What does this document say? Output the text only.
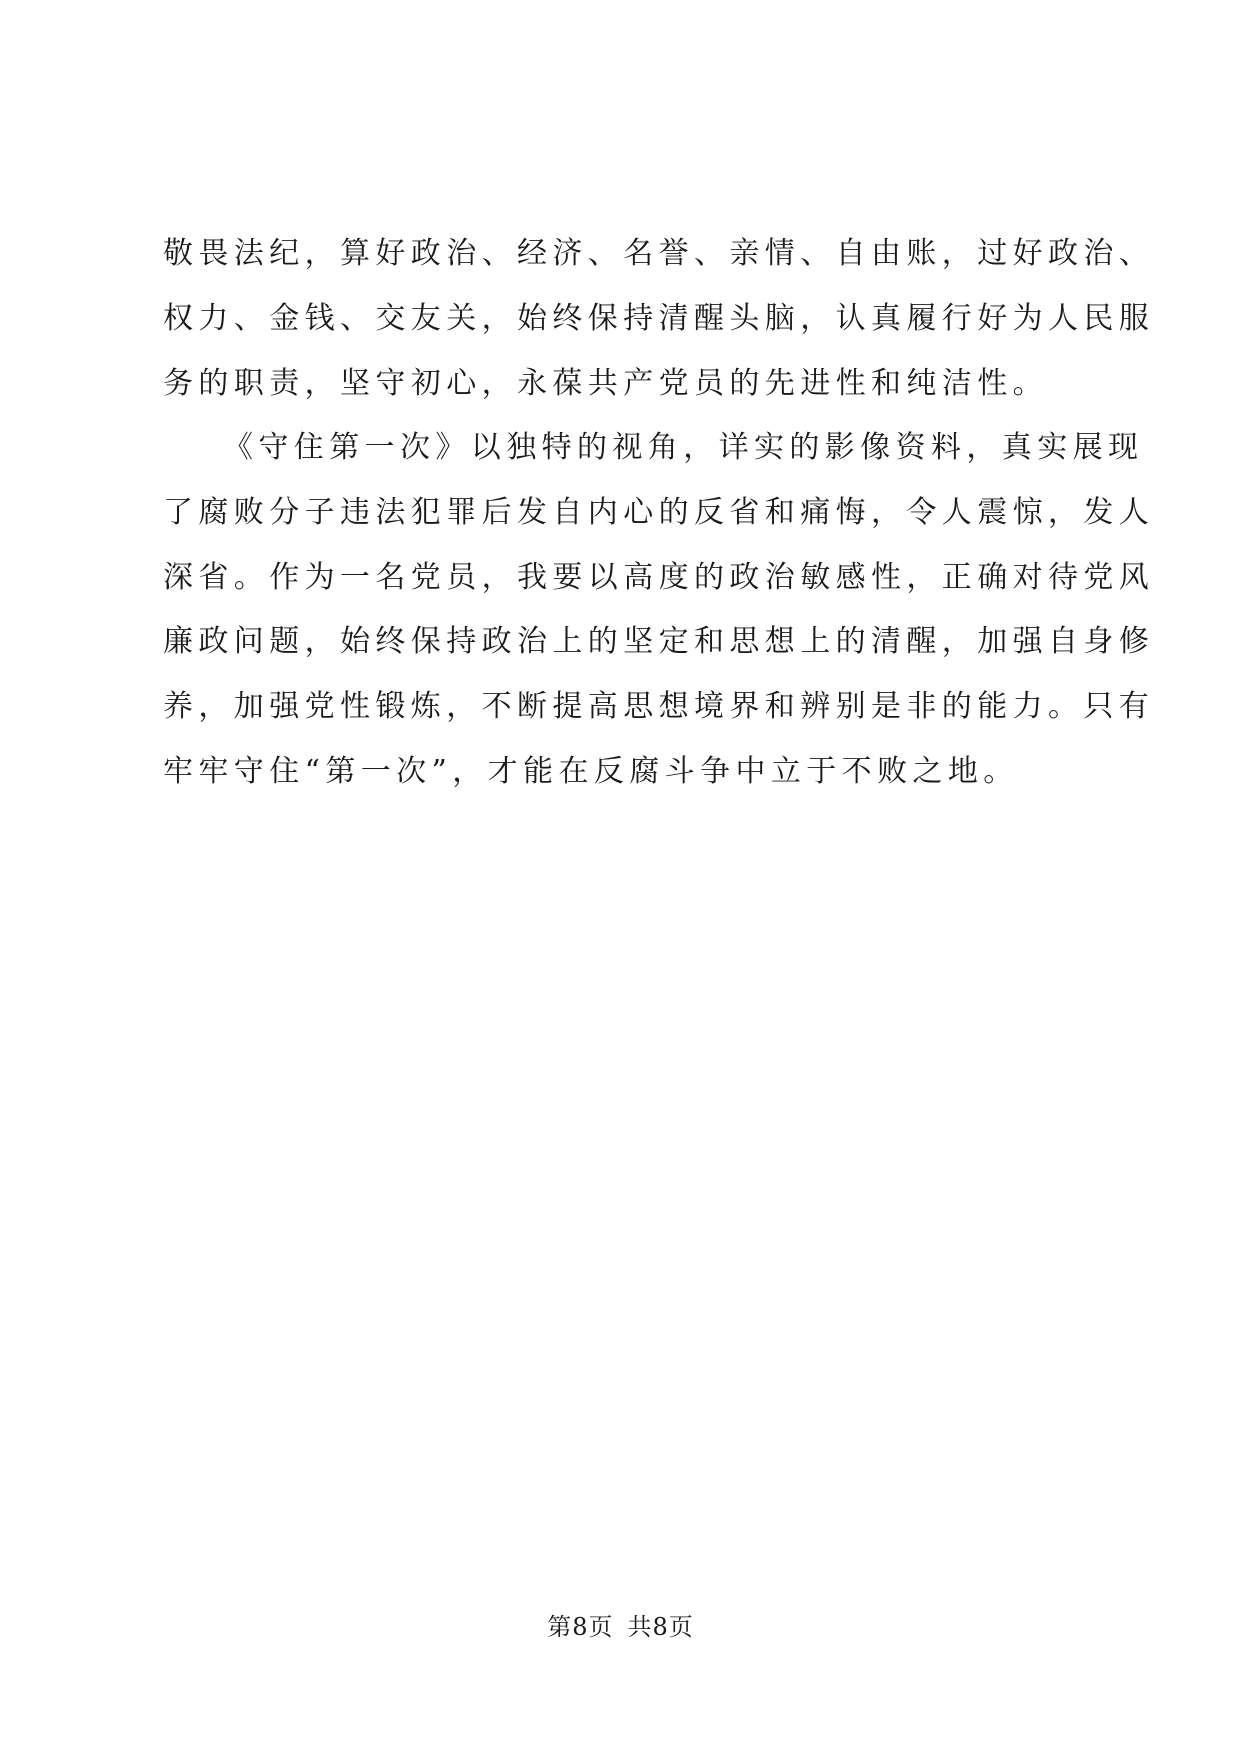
敬畏法纪，算好政治、经济、名誉、亲情、自由账，过好政治、
权力、金钱、交友关，始终保持清醒头脑，认真履行好为人民服
务的职责，坚守初心，永葆共产党员的先进性和纯洁性。
《守住第一次》以独特的视角，详实的影像资料，真实展现
了腐败分子违法犯罪后发自内心的反省和痛悔，令人震惊，发人
深省。作为一名党员，我要以高度的政治敏感性，正确对待党风
廉政问题，始终保持政治上的坚定和思想上的清醒，加强自身修
养，加强党性锻炼，不断提高思想境界和辨别是非的能力。只有
牢牢守住“第一次”，才能在反腐斗争中立于不败之地。
第8页 共8页
